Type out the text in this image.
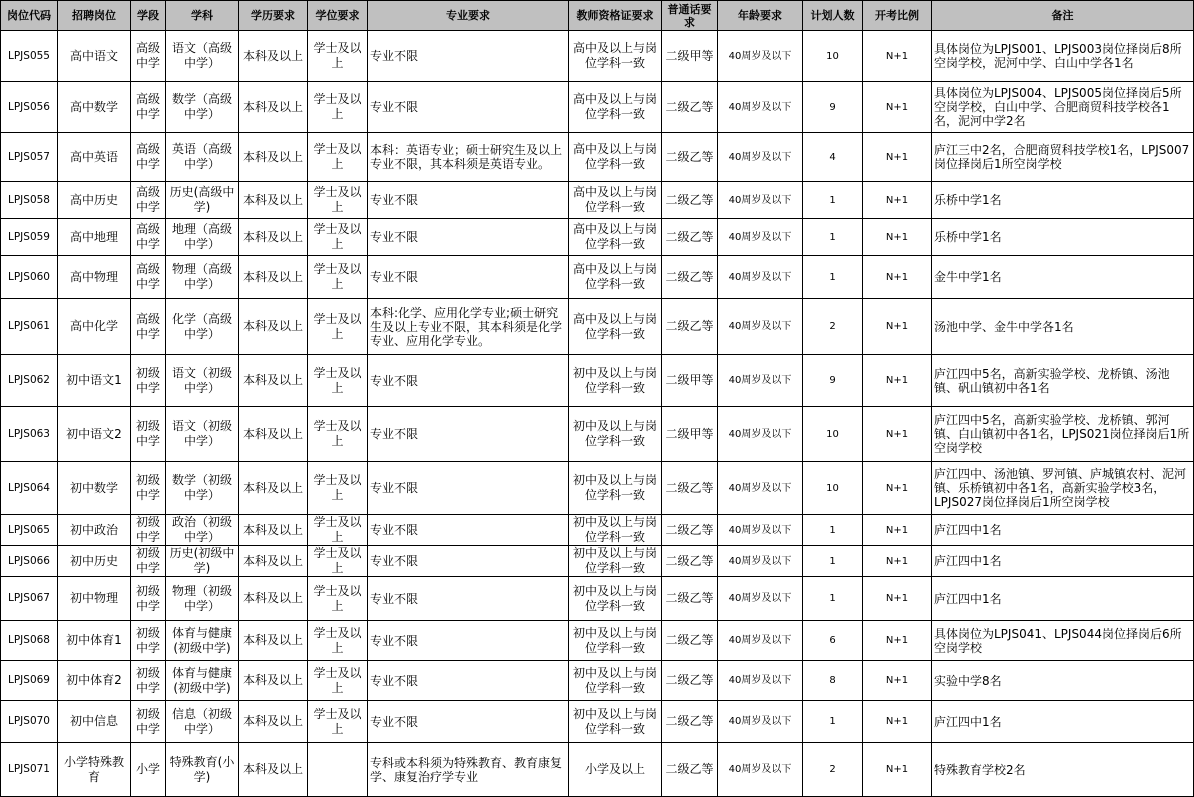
岗位代码	招聘岗位	学段	学科	学历要求	学位要求	专业要求	教师资格证要求	普通话要求	年龄要求	计划人数	开考比例	备注
LPJS055	高中语文	高级中学	语文（高级中学）	本科及以上	学士及以上	专业不限	高中及以上与岗位学科一致	二级甲等	40周岁及以下	10	N+1	具体岗位为LPJS001、LPJS003岗位择岗后8所空岗学校，泥河中学、白山中学各1名
LPJS056	高中数学	高级中学	数学（高级中学）	本科及以上	学士及以上	专业不限	高中及以上与岗位学科一致	二级乙等	40周岁及以下	9	N+1	具体岗位为LPJS004、LPJS005岗位择岗后5所空岗学校，白山中学、合肥商贸科技学校各1名，泥河中学2名
LPJS057	高中英语	高级中学	英语（高级中学）	本科及以上	学士及以上	本科：英语专业；硕士研究生及以上专业不限，其本科须是英语专业。	高中及以上与岗位学科一致	二级乙等	40周岁及以下	4	N+1	庐江三中2名，合肥商贸科技学校1名，LPJS007岗位择岗后1所空岗学校
LPJS058	高中历史	高级中学	历史(高级中学)	本科及以上	学士及以上	专业不限	高中及以上与岗位学科一致	二级乙等	40周岁及以下	1	N+1	乐桥中学1名
LPJS059	高中地理	高级中学	地理（高级中学）	本科及以上	学士及以上	专业不限	高中及以上与岗位学科一致	二级乙等	40周岁及以下	1	N+1	乐桥中学1名
LPJS060	高中物理	高级中学	物理（高级中学）	本科及以上	学士及以上	专业不限	高中及以上与岗位学科一致	二级乙等	40周岁及以下	1	N+1	金牛中学1名
LPJS061	高中化学	高级中学	化学（高级中学）	本科及以上	学士及以上	本科:化学、应用化学专业;硕士研究生及以上专业不限，其本科须是化学专业、应用化学专业。	高中及以上与岗位学科一致	二级乙等	40周岁及以下	2	N+1	汤池中学、金牛中学各1名
LPJS062	初中语文1	初级中学	语文（初级中学）	本科及以上	学士及以上	专业不限	初中及以上与岗位学科一致	二级甲等	40周岁及以下	9	N+1	庐江四中5名，高新实验学校、龙桥镇、汤池镇、矾山镇初中各1名
LPJS063	初中语文2	初级中学	语文（初级中学）	本科及以上	学士及以上	专业不限	初中及以上与岗位学科一致	二级甲等	40周岁及以下	10	N+1	庐江四中5名，高新实验学校、龙桥镇、郭河镇、白山镇初中各1名，LPJS021岗位择岗后1所空岗学校
LPJS064	初中数学	初级中学	数学（初级中学）	本科及以上	学士及以上	专业不限	初中及以上与岗位学科一致	二级乙等	40周岁及以下	10	N+1	庐江四中、汤池镇、罗河镇、庐城镇农村、泥河镇、乐桥镇初中各1名，高新实验学校3名，LPJS027岗位择岗后1所空岗学校
LPJS065	初中政治	初级中学	政治（初级中学）	本科及以上	学士及以上	专业不限	初中及以上与岗位学科一致	二级乙等	40周岁及以下	1	N+1	庐江四中1名
LPJS066	初中历史	初级中学	历史(初级中学)	本科及以上	学士及以上	专业不限	初中及以上与岗位学科一致	二级乙等	40周岁及以下	1	N+1	庐江四中1名
LPJS067	初中物理	初级中学	物理（初级中学）	本科及以上	学士及以上	专业不限	初中及以上与岗位学科一致	二级乙等	40周岁及以下	1	N+1	庐江四中1名
LPJS068	初中体育1	初级中学	体育与健康(初级中学)	本科及以上	学士及以上	专业不限	初中及以上与岗位学科一致	二级乙等	40周岁及以下	6	N+1	具体岗位为LPJS041、LPJS044岗位择岗后6所空岗学校
LPJS069	初中体育2	初级中学	体育与健康(初级中学)	本科及以上	学士及以上	专业不限	初中及以上与岗位学科一致	二级乙等	40周岁及以下	8	N+1	实验中学8名
LPJS070	初中信息	初级中学	信息（初级中学）	本科及以上	学士及以上	专业不限	初中及以上与岗位学科一致	二级乙等	40周岁及以下	1	N+1	庐江四中1名
LPJS071	小学特殊教育	小学	特殊教育(小学)	本科及以上		专科或本科须为特殊教育、教育康复学、康复治疗学专业	小学及以上	二级乙等	40周岁及以下	2	N+1	特殊教育学校2名
